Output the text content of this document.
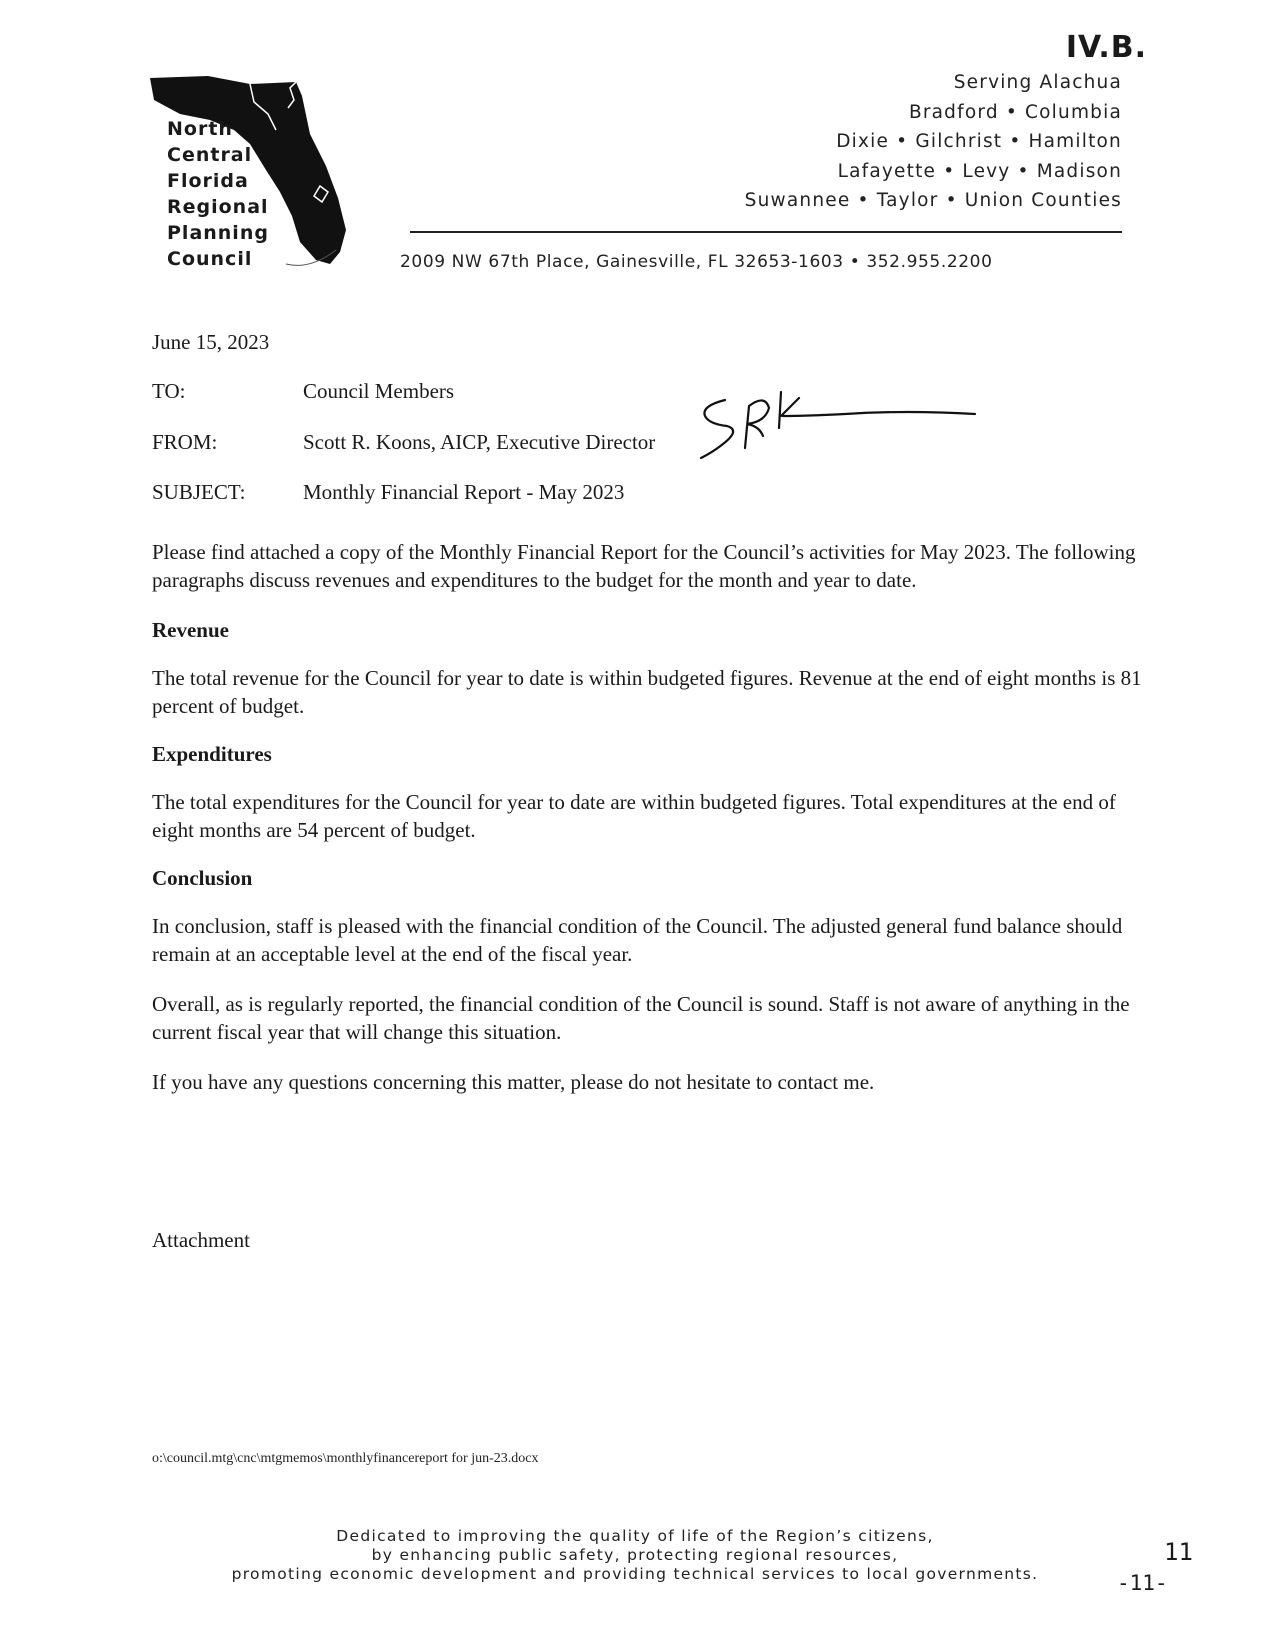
IV.B.
North
Central
Florida
Regional
Planning
Council
Serving Alachua
Bradford • Columbia
Dixie • Gilchrist • Hamilton
Lafayette • Levy • Madison
Suwannee • Taylor • Union Counties
2009 NW 67th Place, Gainesville, FL 32653-1603 • 352.955.2200
June 15, 2023
TO:	Council Members
FROM:	Scott R. Koons, AICP, Executive Director
SUBJECT:	Monthly Financial Report - May 2023
Please find attached a copy of the Monthly Financial Report for the Council’s activities for May 2023. The following paragraphs discuss revenues and expenditures to the budget for the month and year to date.
Revenue
The total revenue for the Council for year to date is within budgeted figures. Revenue at the end of eight months is 81 percent of budget.
Expenditures
The total expenditures for the Council for year to date are within budgeted figures. Total expenditures at the end of eight months are 54 percent of budget.
Conclusion
In conclusion, staff is pleased with the financial condition of the Council. The adjusted general fund balance should remain at an acceptable level at the end of the fiscal year.
Overall, as is regularly reported, the financial condition of the Council is sound. Staff is not aware of anything in the current fiscal year that will change this situation.
If you have any questions concerning this matter, please do not hesitate to contact me.
Attachment
o:\council.mtg\cnc\mtgmemos\monthlyfinancereport for jun-23.docx
Dedicated to improving the quality of life of the Region’s citizens,
by enhancing public safety, protecting regional resources,
promoting economic development and providing technical services to local governments.
11
-11-
